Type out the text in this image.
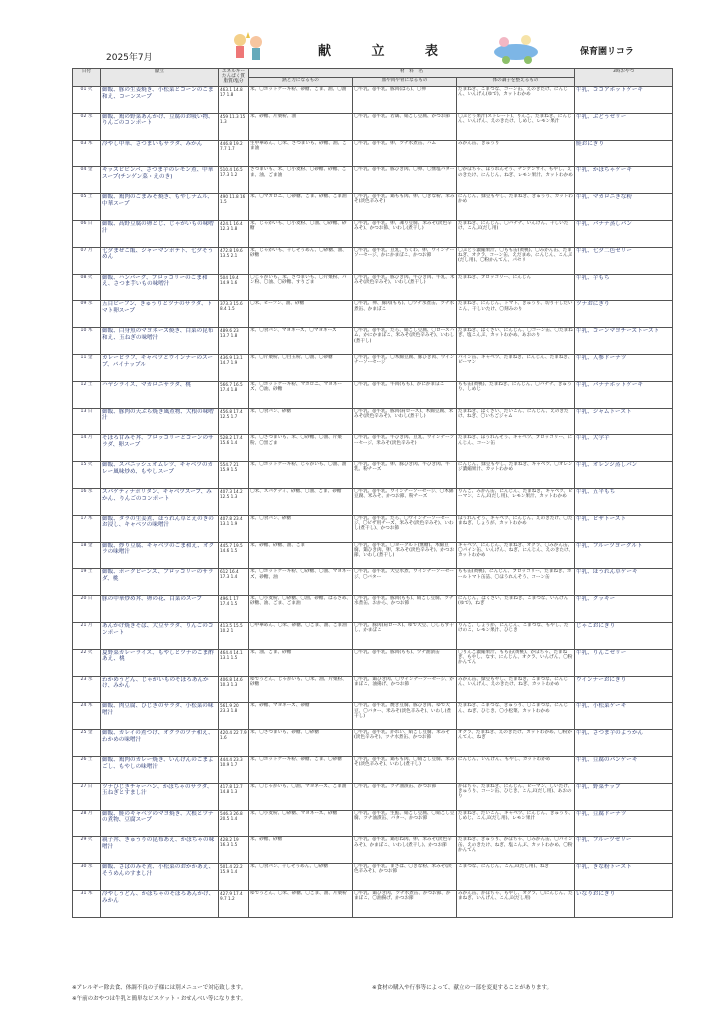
2025年7月	献 立 表	保育園リコラ
日付	献立	エネルギー たんぱく質 脂質/塩分	材　料　名			3時おやつ
			熱と力になるもの	血や肉や骨になるもの	体の調子を整えるもの	
01 火	御飯、豚の生姜焼き、小松菜とコーンのごま和え、コーンスープ	463.1 14.8 17 1.8	米、〇ホットケーキ粉、砂糖、ごま、油、〇油	〇牛乳、◎牛乳、豚肉(ばら)、〇卵	たまねぎ、こまつな、コーン缶、えのきたけ、にんじん、いんげん(ゆで)、カットわかめ	牛乳、ココアホットケーキ
02 水	御飯、鶏の野菜あんかけ、豆腐のお吸い物、りんごのコンポート	459 11.3 15 1.3	米、砂糖、片栗粉、油	〇牛乳、◎牛乳、若鶏、絹ごし豆腐、かつお節	〇ぶどう果汁(ストレート)、りんご、たまねぎ、にんじん、いんげん、えのきたけ、しめじ、レモン果汁	牛乳、ぶどうゼリー
03 木	冷やし中華、さつまいもサラダ、みかん	446.8 19.2 7.7 1.7	生中華めん、〇米、さつまいも、砂糖、油、ごま油	〇牛乳、◎牛乳、卵、ツナ水煮缶、ハム	みかん缶、きゅうり	鮭おにぎり
04 金	キッズビビンバ、さつま芋のレモン煮、中華スープ(チンゲン菜・えのき)	510.4 16.5 17.3 1.2	さつまいも、米、〇小麦粉、〇砂糖、砂糖、ごま、油、ごま油	〇牛乳、◎牛乳、豚ひき肉、〇卵、〇無塩バター	〇かぼちゃ、ほうれんそう、チンゲンサイ、もやし、えのきたけ、にんじん、ねぎ、レモン果汁、カットわかめ	牛乳、かぼちゃケーキ
05 土	御飯、鶏肉のごまみそ焼き、もやしナムル、中華スープ	490 11.8 16 1.5	米、〇マカロニ、〇砂糖、ごま、砂糖、ごま油	〇牛乳、◎牛乳、鶏もも肉、卵、〇きな粉、米みそ(淡色辛みそ)	にんじん、緑豆もやし、たまねぎ、きゅうり、カットわかめ	牛乳、マカロニきな粉
06 日	御飯、高野豆腐の卵とじ、じゃがいもの味噌汁	424.1 16.4 12.3 1.8	米、じゃがいも、〇小麦粉、〇油、〇砂糖、砂糖	〇牛乳、◎牛乳、卵、凍り豆腐、米みそ(淡色辛みそ)、かつお節、いわし(煮干し)	たまねぎ、にんじん、〇バナナ、いんげん、干しいたけ、こんぶ(だし用)	牛乳、バナナ蒸しパン
07 月	七夕まぜご飯、ジャーマンポテト、七夕そうめん	472.8 19.6 13.5 2.1	米、じゃがいも、干しそうめん、〇砂糖、油、砂糖	〇牛乳、◎牛乳、豆乳、ちくわ、卵、ウインナーソーセージ、かにかまぼこ、かつお節	〇ぶどう濃縮果汁、〇もも缶(黄桃)、〇みかん缶、たまねぎ、オクラ、コーン缶、えだまめ、にんじん、こんぶ(だし用)、〇粉かんてん、パセリ	牛乳、七夕二色ゼリー
08 火	御飯、ハンバーグ、ブロッコリーのごま和え、さつま芋いもの味噌汁	504 19.4 14.9 1.6	〇じゃがいも、米、さつまいも、〇片栗粉、パン粉、〇油、〇砂糖、すりごま	〇牛乳、◎牛乳、豚ひき肉、牛ひき肉、牛乳、米みそ(淡色辛みそ)、いわし(煮干し)	たまねぎ、ブロッコリー、にんじん	牛乳、芋もち
09 水	五目ビーフン、きゅうりとツナのサラダ、トマト卵スープ	373.3 15.6 8.4 1.5	〇米、ビーフン、油、砂糖	〇牛乳、卵、豚肉(もも)、〇ツナ水煮缶、ツナ水煮缶、かまぼこ	たまねぎ、にんじん、トマト、きゅうり、切り干しだいこん、干しいたけ、〇刻みのり	ツナおにぎり
10 木	御飯、白身魚のマヨネーズ焼き、白菜の昆布和え、玉ねぎの味噌汁	489.6 23 13.7 1.8	米、〇食パン、マヨネーズ、〇マヨネーズ	〇牛乳、◎牛乳、たら、絹ごし豆腐、〇ロースハム、かにかまぼこ、米みそ(淡色辛みそ)、いわし(煮干し)	たまねぎ、はくさい、にんじん、〇コーン缶、〇たまねぎ、塩こんぶ、カットわかめ、あおのり	牛乳、コーンマヨチーズトースト
11 金	カレーピラフ、キャベツとウインナーのスープ、パイナップル	436.9 13.1 14.7 1.9	米、〇片栗粉、〇白玉粉、〇油、〇砂糖	〇牛乳、◎牛乳、〇木綿豆腐、豚ひき肉、ウインナーソーセージ	パイン缶、キャベツ、たまねぎ、にんじん、たまねぎ、ピーマン	牛乳、人参ドーナツ
12 土	ハヤシライス、マカロニサラダ、桃	566.7 16.5 17.4 1.8	米、〇ホットケーキ粉、マカロニ、マヨネーズ、〇油、砂糖	〇牛乳、◎牛乳、牛肉(もも)、かにかまぼこ	もも缶(黄桃)、たまねぎ、にんじん、〇バナナ、きゅうり、しめじ	牛乳、バナナホットケーキ
13 日	御飯、豚肉の天ぷら焼き風煮物、大根の味噌汁	456.8 17.4 12.5 1.7	米、〇食パン、砂糖	〇牛乳、◎牛乳、豚肉(肩ロース)、木綿豆腐、米みそ(淡色辛みそ)、いわし(煮干し)	たまねぎ、はくさい、だいこん、にんじん、えのきたけ、ねぎ、〇いちごジャム	牛乳、ジャムトースト
14 月	そぼろ甘みそ丼、ブロッコリーとコーンのサラダ、卵スープ	528.2 17.4 15.6 1.4	米、〇さつまいも、米、〇砂糖、〇油、片栗粉、〇黒ごま	〇牛乳、◎牛乳、牛ひき肉、豆乳、ウインナーソーセージ、米みそ(淡色辛みそ)	たまねぎ、ほうれんそう、キャベツ、ブロッコリー、にんじん、コーン缶	牛乳、大学芋
15 火	御飯、スパニッシュオムレツ、キャベツのカレー風味炒め、もやしスープ	554.7 21 15.9 1.5	米、〇ホットケーキ粉、じゃがいも、〇油、油	〇牛乳、◎牛乳、卵、豚ひき肉、牛ひき肉、牛乳、粉チーズ	にんじん、緑豆もやし、たまねぎ、キャベツ、〇オレンジ濃縮果汁、カットわかめ	牛乳、オレンジ蒸しパン
16 水	スパゲティナポリタン、キャベツスープ、みかん、りんごのコンポート	407.3 14.2 12.5 1.3	〇米、スパゲティ、砂糖、〇油、ごま、砂糖	〇牛乳、◎牛乳、ウインナーソーセージ、〇木綿豆腐、米みそ、かつお節、粉チーズ	りんご、みかん缶、にんじん、たまねぎ、キャベツ、ピーマン、こんぶ(だし用)、レモン果汁、カットわかめ	牛乳、五平もち
17 木	御飯、タラの生姜煮、ほうれん草とえのきのお浸し、キャベツの味噌汁	407.8 23.4 13.1 1.9	米、〇食パン、砂糖	〇牛乳、◎牛乳、たら、〇ウインナーソーセージ、〇ピザ用チーズ、米みそ(淡色辛みそ)、いわし(煮干し)、かつお節	ほうれんそう、キャベツ、にんじん、えのきたけ、〇たまねぎ、しょうが、カットわかめ	牛乳、ピザトースト
18 金	御飯、炒り豆腐、キャベツのごま和え、オクラの味噌汁	445.7 19.5 14.6 1.5	米、砂糖、砂糖、油、ごま	〇牛乳、◎牛乳、〇ヨーグルト(無糖)、木綿豆腐、鶏ひき肉、卵、米みそ(淡色辛みそ)、かつお節、いわし(煮干し)	キャベツ、にんじん、たまねぎ、オクラ、〇みかん缶、〇パイン缶、いんげん、ねぎ、にんじん、えのきたけ、カットわかめ	牛乳、フルーツヨーグルト
19 土	御飯、ポークビーンズ、ブロッコリーのサラダ、桃	612 16.4 17.3 1.4	米、〇ホットケーキ粉、〇砂糖、〇油、マヨネーズ、砂糖、油	〇牛乳、◎牛乳、大豆水煮、ウインナーソーセージ、〇バター	もも缶(黄桃)、にんじん、ブロッコリー、たまねぎ、ホールトマト缶詰、〇ほうれんそう、コーン缶	牛乳、ほうれん草ケーキ
20 日	豚の中華炒め丼、卵の花、白菜のスープ	496.1 17 17.4 1.5	米、〇小麦粉、〇砂糖、〇油、砂糖、はるさめ、砂糖、油、ごま、ごま油	〇牛乳、◎牛乳、豚肉(もも)、絹ごし豆腐、ツナ水煮缶、おから、かつお節	にんじん、はくさい、たまねぎ、こまつな、いんげん(ゆで)、ねぎ	牛乳、クッキー
21 月	あんかけ焼きそば、大豆サラダ、りんごのコンポート	413.5 15.5 10.2 1	〇中華めん、〇米、砂糖、〇ごま、油、ごま油	〇牛乳、豚肉(肩ロース)、ゆで大豆、〇しらす干し、かまぼこ	りんご、しょうが、にんじん、こまつな、もやし、たけのこ、レモン果汁、ひじき	じゃこおにぎり
22 火	夏野菜カレーライス、もやしとツナのごま酢あえ、桃	464.4 14.1 13.1 1.5	米、油、ごま、砂糖	〇牛乳、◎牛乳、豚肉(もも)、ツナ油漬缶	〇りんご濃縮果汁、もも缶(黄桃)、かぼちゃ、たまねぎ、もやし、なす、にんじん、オクラ、いんげん、〇粉かんてん	牛乳、りんごゼリー
23 水	わかめうどん、じゃがいものそぼろあんかけ、みかん	406.8 14.6 10.3 1.3	ゆでうどん、じゃがいも、〇米、油、片栗粉、砂糖	〇牛乳、鶏ひき肉、〇ウインナーソーセージ、かまぼこ、油揚げ、かつお節	みかん缶、緑豆もやし、たまねぎ、こまつな、にんじん、いんげん、えのきたけ、ねぎ、カットわかめ	ウインナーおにぎり
24 木	御飯、肉豆腐、ひじきのサラダ、小松菜の味噌汁	561.9 20 23.3 1.8	米、砂糖、マヨネーズ、砂糖	〇牛乳、◎牛乳、焼き豆腐、豚ひき肉、ゆで大豆、〇バター、米みそ(淡色辛みそ)、いわし(煮干し)	たまねぎ、こまつな、きゅうり、〇こまつな、にんじん、ねぎ、ひじき、〇小松菜、カットわかめ	牛乳、小松菜ケーキ
25 金	御飯、カレイの煮つけ、オクラのツナ和え、わかめの味噌汁	420.4 22 7.9 1.6	米、〇さつまいも、砂糖、〇砂糖	〇牛乳、◎牛乳、かれい、絹ごし豆腐、米みそ(淡色辛みそ)、ツナ水煮缶、かつお節	オクラ、たまねぎ、えのきたけ、カットわかめ、〇粉かんてん、ねぎ	牛乳、さつま芋のようかん
26 土	御飯、鶏肉のカレー焼き、いんげんのごまよごし、もやしの味噌汁	444.4 23.3 10.9 1.7	米、〇ホットケーキ粉、砂糖、ごま、〇砂糖	〇牛乳、◎牛乳、鶏もも肉、〇絹ごし豆腐、米みそ(淡色辛みそ)、いわし(煮干し)	にんじん、いんげん、もやし、カットわかめ	牛乳、豆腐のパンケーキ
27 日	ツナひじきチャーハン、かぼちゃのサラダ、玉ねぎとすまし汁	417.8 12.7 14.8 1.3	米、〇じゃがいも、〇油、マヨネーズ、ごま油	〇牛乳、◎牛乳、ツナ油漬缶、かつお節	かぼちゃ、たまねぎ、にんじん、ピーマン、しいたけ、きゅうり、コーン缶、ひじき、こんぶ(だし用)、あおのり	牛乳、野菜チップ
28 月	御飯、鮭のキャベツのマヨ焼き、大根とツナの煮物、豆腐スープ	546.3 26.8 20.5 1.4	米、〇小麦粉、〇砂糖、マヨネーズ、砂糖	〇牛乳、◎牛乳、生鮭、絹ごし豆腐、〇絹ごし豆腐、ツナ油漬缶、バター、かつお節	たまねぎ、だいこん、キャベツ、にんじん、きゅうり、しめじ、こんぶ(だし用)、レモン果汁	牛乳、豆腐ドーナツ
29 火	親子丼、きゅうりの昆布あえ、かぼちゃの味噌汁	428.2 19 16.3 1.5	米、砂糖、砂糖	〇牛乳、◎牛乳、鶏むね肉、卵、米みそ(淡色辛みそ)、かまぼこ、いわし(煮干し)、かつお節	たまねぎ、きゅうり、かぼちゃ、〇みかん缶、〇パイン缶、えのきたけ、ねぎ、塩こんぶ、カットわかめ、〇粉かんてん	牛乳、フルーツゼリー
30 水	御飯、さばのみそ煮、小松菜のおかかあえ、そうめんのすまし汁	501.4 22.2 15.9 1.4	米、〇食パン、干しそうめん、〇砂糖	〇牛乳、◎牛乳、まさば、〇きな粉、米みそ(淡色辛みそ)、かつお節	こまつな、にんじん、こんぶ(だし用)、ねぎ	牛乳、きな粉トースト
31 木	冷やしうどん、かぼちゃのそぼろあんかけ、みかん	427.9 17.4 9.7 1.2	ゆでうどん、〇米、砂糖、〇ごま、油、片栗粉	〇牛乳、鶏ひき肉、ツナ水煮缶、かつお節、かまぼこ、〇油揚げ、かつお節	みかん缶、かぼちゃ、もやし、オクラ、〇にんじん、たまねぎ、いんげん、こんぶ(だし用)	いなりおにぎり
※アレルギー除去食、体調不良の子様には別メニューで対応致します。	※食材の購入や行事等によって、献立の一部を変更することがあります。
※午前のおやつは牛乳と簡単なビスケット・おせんべい等になります。
